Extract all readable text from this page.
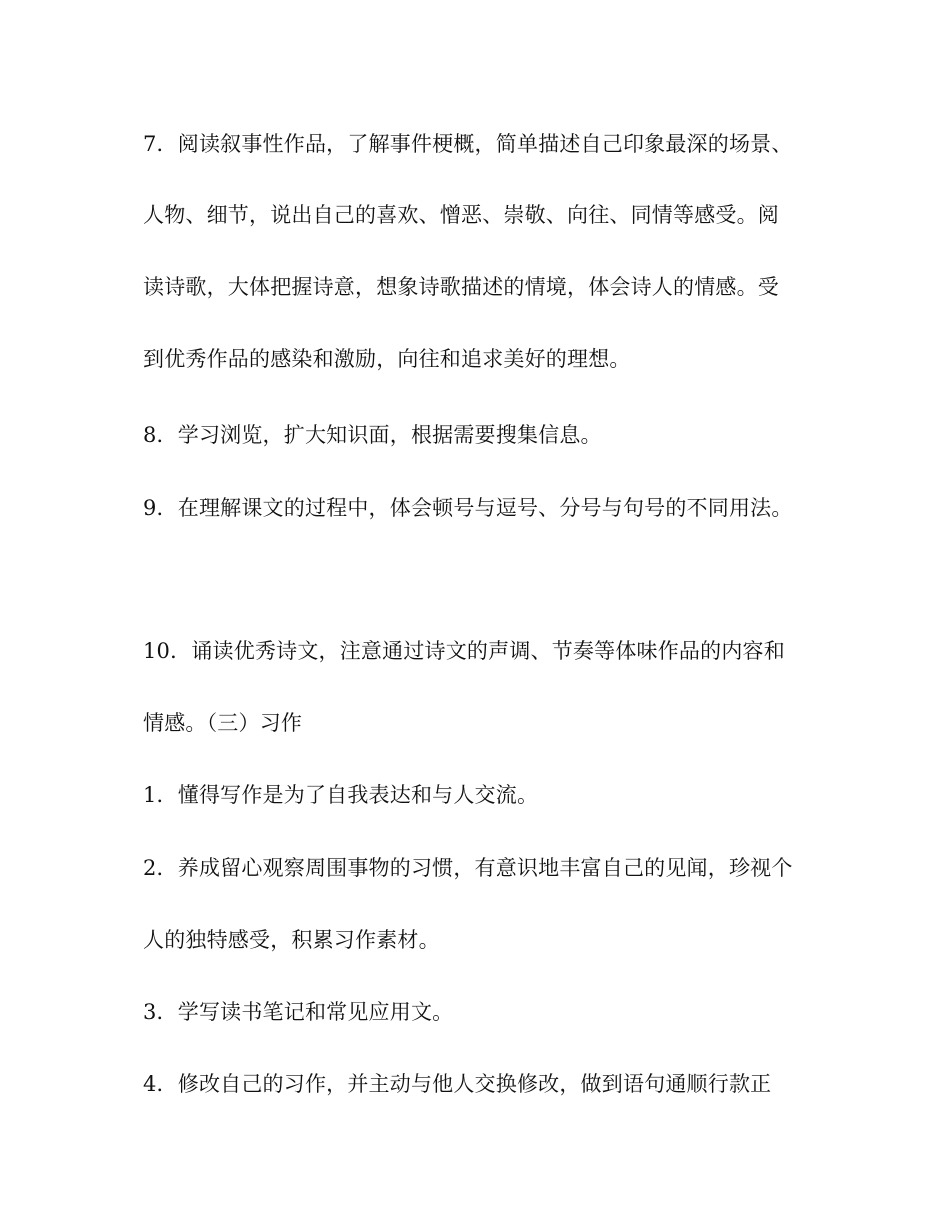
7．阅读叙事性作品，了解事件梗概，简单描述自己印象最深的场景、
人物、细节，说出自己的喜欢、憎恶、崇敬、向往、同情等感受。阅
读诗歌，大体把握诗意，想象诗歌描述的情境，体会诗人的情感。受
到优秀作品的感染和激励，向往和追求美好的理想。
8．学习浏览，扩大知识面，根据需要搜集信息。
9．在理解课文的过程中，体会顿号与逗号、分号与句号的不同用法。
10．诵读优秀诗文，注意通过诗文的声调、节奏等体味作品的内容和
情感。（三）习作
1．懂得写作是为了自我表达和与人交流。
2．养成留心观察周围事物的习惯，有意识地丰富自己的见闻，珍视个
人的独特感受，积累习作素材。
3．学写读书笔记和常见应用文。
4．修改自己的习作，并主动与他人交换修改，做到语句通顺行款正
